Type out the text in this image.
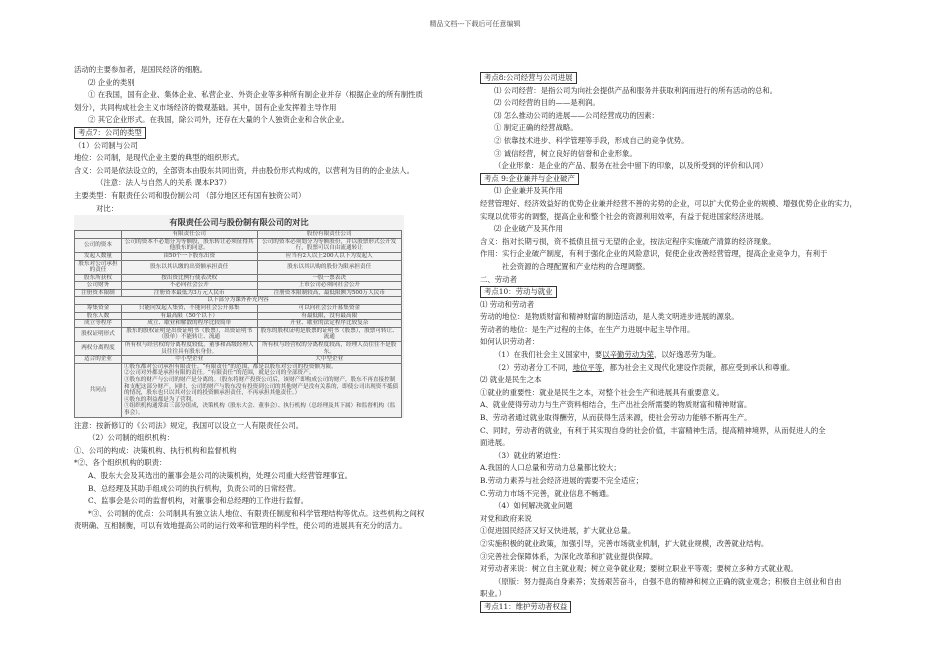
精品文档---下载后可任意编辑

活动的主要参加者，是国民经济的细胞。

⑵ 企业的类别

① 在我国，国有企业、集体企业、私营企业、外资企业等多种所有制企业并存（根据企业的所有制性质

划分），共同构成社会主义市场经济的微观基础。其中，国有企业发挥着主导作用

② 其它企业形式。在我国，除公司外，还存在大量的个人独资企业和合伙企业。

考点7：公司的类型

（1）公司制与公司

地位：公司制，是现代企业主要的典型的组织形式。

含义：公司是依法设立的，全部资本由股东共同出资，并由股份形式构成的，以营利为目的的企业法人。

（注意：法人与自然人的关系 课本P37）

主要类型：有限责任公司和股份制公司 （部分地区还有国有独资公司）

对比：

有限责任公司与股份制有限公司的对比
	有限责任公司	股份有限责任公司
公司的资本	公司的资本不必划分为等额股，股东转让必须征得其他股东的同意。	公司的资本必须划分为等额股份，并以股票形式公开发行，股票可以自由流通转让
发起人数量	由50个一下股东出资	应当有2人以上200人以下为发起人
股东对公司承担的责任	股东以其认缴的出资额承担责任	股东以其认购的股份为限承担责任
股东所获权	按出资比例行使表决权	一股一票表决
公司财务	不必向社会公开	上市公司必须向社会公开
注册资本限制	注册资本最低为3万元人民币	注册资本限制较高，最低限额为500万人民币
以下部分为课外补充内容		
筹集资金	只能向发起人集资，不能向社会公开募集	可以向社会公开募集资金
股东人数	有最高限（50个以下）	有最低限，没有最高限
成立等程序	成立、歇业和解散的程序比较简单	开业、歇业的法定程序比较复杂
股权证明形式	股东的股权证明是出资证明书（股票），出资证明书（股单）不能转让、流通	股东的股权证明是股票的证明书（股票），股票可转让、流通
两权分离程度	所有权与经营权的分离程度较低，董事和高级经理人员往往具有股东身份。	所有权与经营权的分离程度较高，经理人员往往不是股东。
适合的企业	中小型企业	大中型企业
共同点	①股东都对公司承担有限责任。“有限责任”的范围，都是以股东对公司的投资额为限。
②公司对外都是承担有限的责任。“有限责任”的范围，就是公司的全部资产。
③股东的财产与公司的财产是分离的。（股东将财产投资公司后，该财产即构成公司的财产，股东不再直接控制和支配这部分财产。同时，公司的财产与股东没有投资到公司的其他财产是没有关系的，即使公司出现资不抵债的情况，股东也只以其对公司的投资额承担责任，不再承担其他责任。）
④股东的利益都是为了营利。
⑤组织机构通常由三部分组成，决策机构（股东大会、董事会）、执行机构（总经理及其下属）和监督机构（监事会）。	

注意：按新修订的《公司法》规定，我国可以设立一人有限责任公司。

（2）公司制的组织机构：

①、公司的构成：决策机构、执行机构和监督机构

*②、各个组织机构的职责：

A、股东大会及其选出的董事会是公司的决策机构，处理公司重大经营管理事宜。

B、总经理及其助手组成公司的执行机构，负责公司的日常经营。

C、监事会是公司的监督机构，对董事会和总经理的工作进行监督。

*③、公司制的优点：公司制具有独立法人地位、有限责任制度和科学管理结构等优点。这些机构之间权

责明确、互相制衡，可以有效地提高公司的运行效率和管理的科学性，使公司的进展具有充分的活力。

考点8:公司经营与公司进展

⑴ 公司经营：是指公司为向社会提供产品和服务并获取利润而进行的所有活动的总和。

⑵ 公司经营的目的——是利润。

⑶ 怎么推动公司的进展——公司经营成功的因素：

① 制定正确的经营战略。

② 依靠技术进步、科学管理等手段，形成自己的竞争优势。

③ 诚信经营，树立良好的信誉和企业形象。

（企业形象：是企业的产品、服务在社会中留下的印象，以及所受到的评价和认同）

考点 9:企业兼并与企业破产

⑴ 企业兼并及其作用

经营管理好、经济效益好的优势企业兼并经营不善的劣势的企业，可以扩大优势企业的规模、增强优势企业的实力，

实现以优带劣的调整，提高企业和整个社会的资源利用效率，有益于促进国家经济进展。

⑵ 企业破产及其作用

含义：指对长期亏损，资不抵债且扭亏无望的企业，按法定程序实施破产清算的经济现象。

作用：实行企业破产制度，有利于强化企业的风险意识，促使企业改善经营管理，提高企业竞争力，有利于

社会资源的合理配置和产业结构的合理调整。

二、劳动者

考点10：劳动与就业

⑴ 劳动和劳动者

劳动的地位：是物质财富和精神财富的制造活动，是人类文明进步进展的源泉。

劳动者的地位：是生产过程的主体，在生产力进展中起主导作用。

如何认识劳动者：

（1）在我们社会主义国家中，要以辛勤劳动为荣，以好逸恶劳为耻。

（2）劳动者分工不同，地位平等，都为社会主义现代化建设作贡献，都应受到承认和尊重。

⑵ 就业是民生之本

①就业的重要性：就业是民生之本，对整个社会生产和进展具有重要意义。

A、就业使得劳动力与生产资料相结合，生产出社会所需要的物质财富和精神财富。

B、劳动者通过就业取得酬劳，从而获得生活来源，使社会劳动力能够不断再生产。

C、同时，劳动者的就业，有利于其实现自身的社会价值，丰富精神生活，提高精神境界，从而促进人的全

面进展。

（3）就业的紧迫性：

A.我国的人口总量和劳动力总量都比较大；

B.劳动力素养与社会经济进展的需要不完全适应；

C.劳动力市场不完善，就业信息不畅通。

（4）如何解决就业问题

对党和政府来说

①促进国民经济又好又快进展，扩大就业总量。

②实施积极的就业政策，加强引导，完善市场就业机制，扩大就业规模，改善就业结构。

③完善社会保障体系，为深化改革和扩就业提供保障。

对劳动者来说：树立自主就业观；树立竞争就业观；要树立职业平等观；要树立多种方式就业观。

（原版：努力提高自身素养；发扬艰苦奋斗，自强不息的精神和树立正确的就业观念；积极自主创业和自由

职业。）

考点11：维护劳动者权益
